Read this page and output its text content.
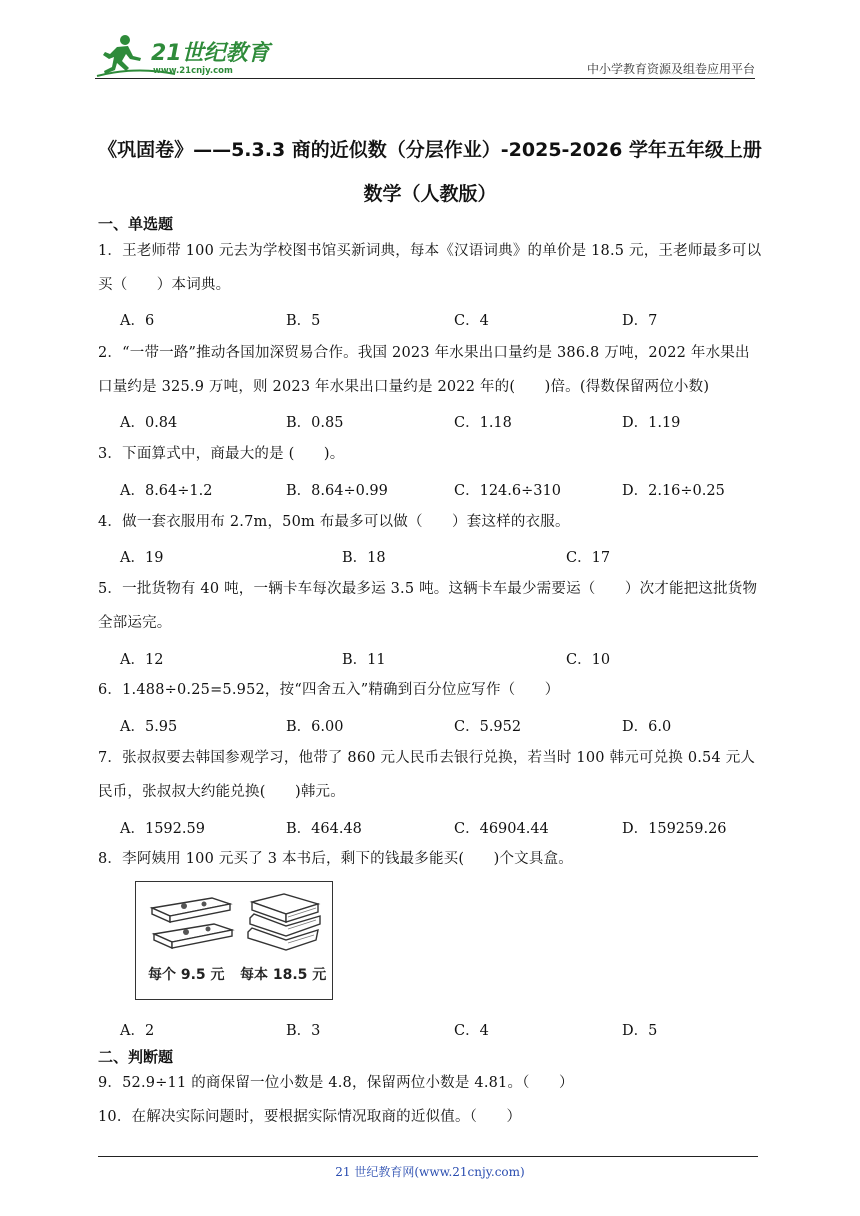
21世纪教育
www.21cnjy.com	中小学教育资源及组卷应用平台
《巩固卷》——5.3.3 商的近似数（分层作业）-2025-2026 学年五年级上册
数学（人教版）
一、单选题
1．王老师带 100 元去为学校图书馆买新词典，每本《汉语词典》的单价是 18.5 元，王老师最多可以买（　　）本词典。
A．6	B．5	C．4	D．7
2．“一带一路”推动各国加深贸易合作。我国 2023 年水果出口量约是 386.8 万吨，2022 年水果出口量约是 325.9 万吨，则 2023 年水果出口量约是 2022 年的(　　)倍。(得数保留两位小数)
A．0.84	B．0.85	C．1.18	D．1.19
3．下面算式中，商最大的是 (　　)。
A．8.64÷1.2	B．8.64÷0.99	C．124.6÷310	D．2.16÷0.25
4．做一套衣服用布 2.7m，50m 布最多可以做（　　）套这样的衣服。
A．19	B．18	C．17
5．一批货物有 40 吨，一辆卡车每次最多运 3.5 吨。这辆卡车最少需要运（　　）次才能把这批货物全部运完。
A．12	B．11	C．10
6．1.488÷0.25=5.952，按“四舍五入”精确到百分位应写作（　　）
A．5.95	B．6.00	C．5.952	D．6.0
7．张叔叔要去韩国参观学习，他带了 860 元人民币去银行兑换，若当时 100 韩元可兑换 0.54 元人民币，张叔叔大约能兑换(　　)韩元。
A．1592.59	B．464.48	C．46904.44	D．159259.26
8．李阿姨用 100 元买了 3 本书后，剩下的钱最多能买(　　)个文具盒。
每个 9.5 元 每本 18.5 元
A．2	B．3	C．4	D．5
二、判断题
9．52.9÷11 的商保留一位小数是 4.8，保留两位小数是 4.81。（　　）
10．在解决实际问题时，要根据实际情况取商的近似值。（　　）
21 世纪教育网(www.21cnjy.com)
